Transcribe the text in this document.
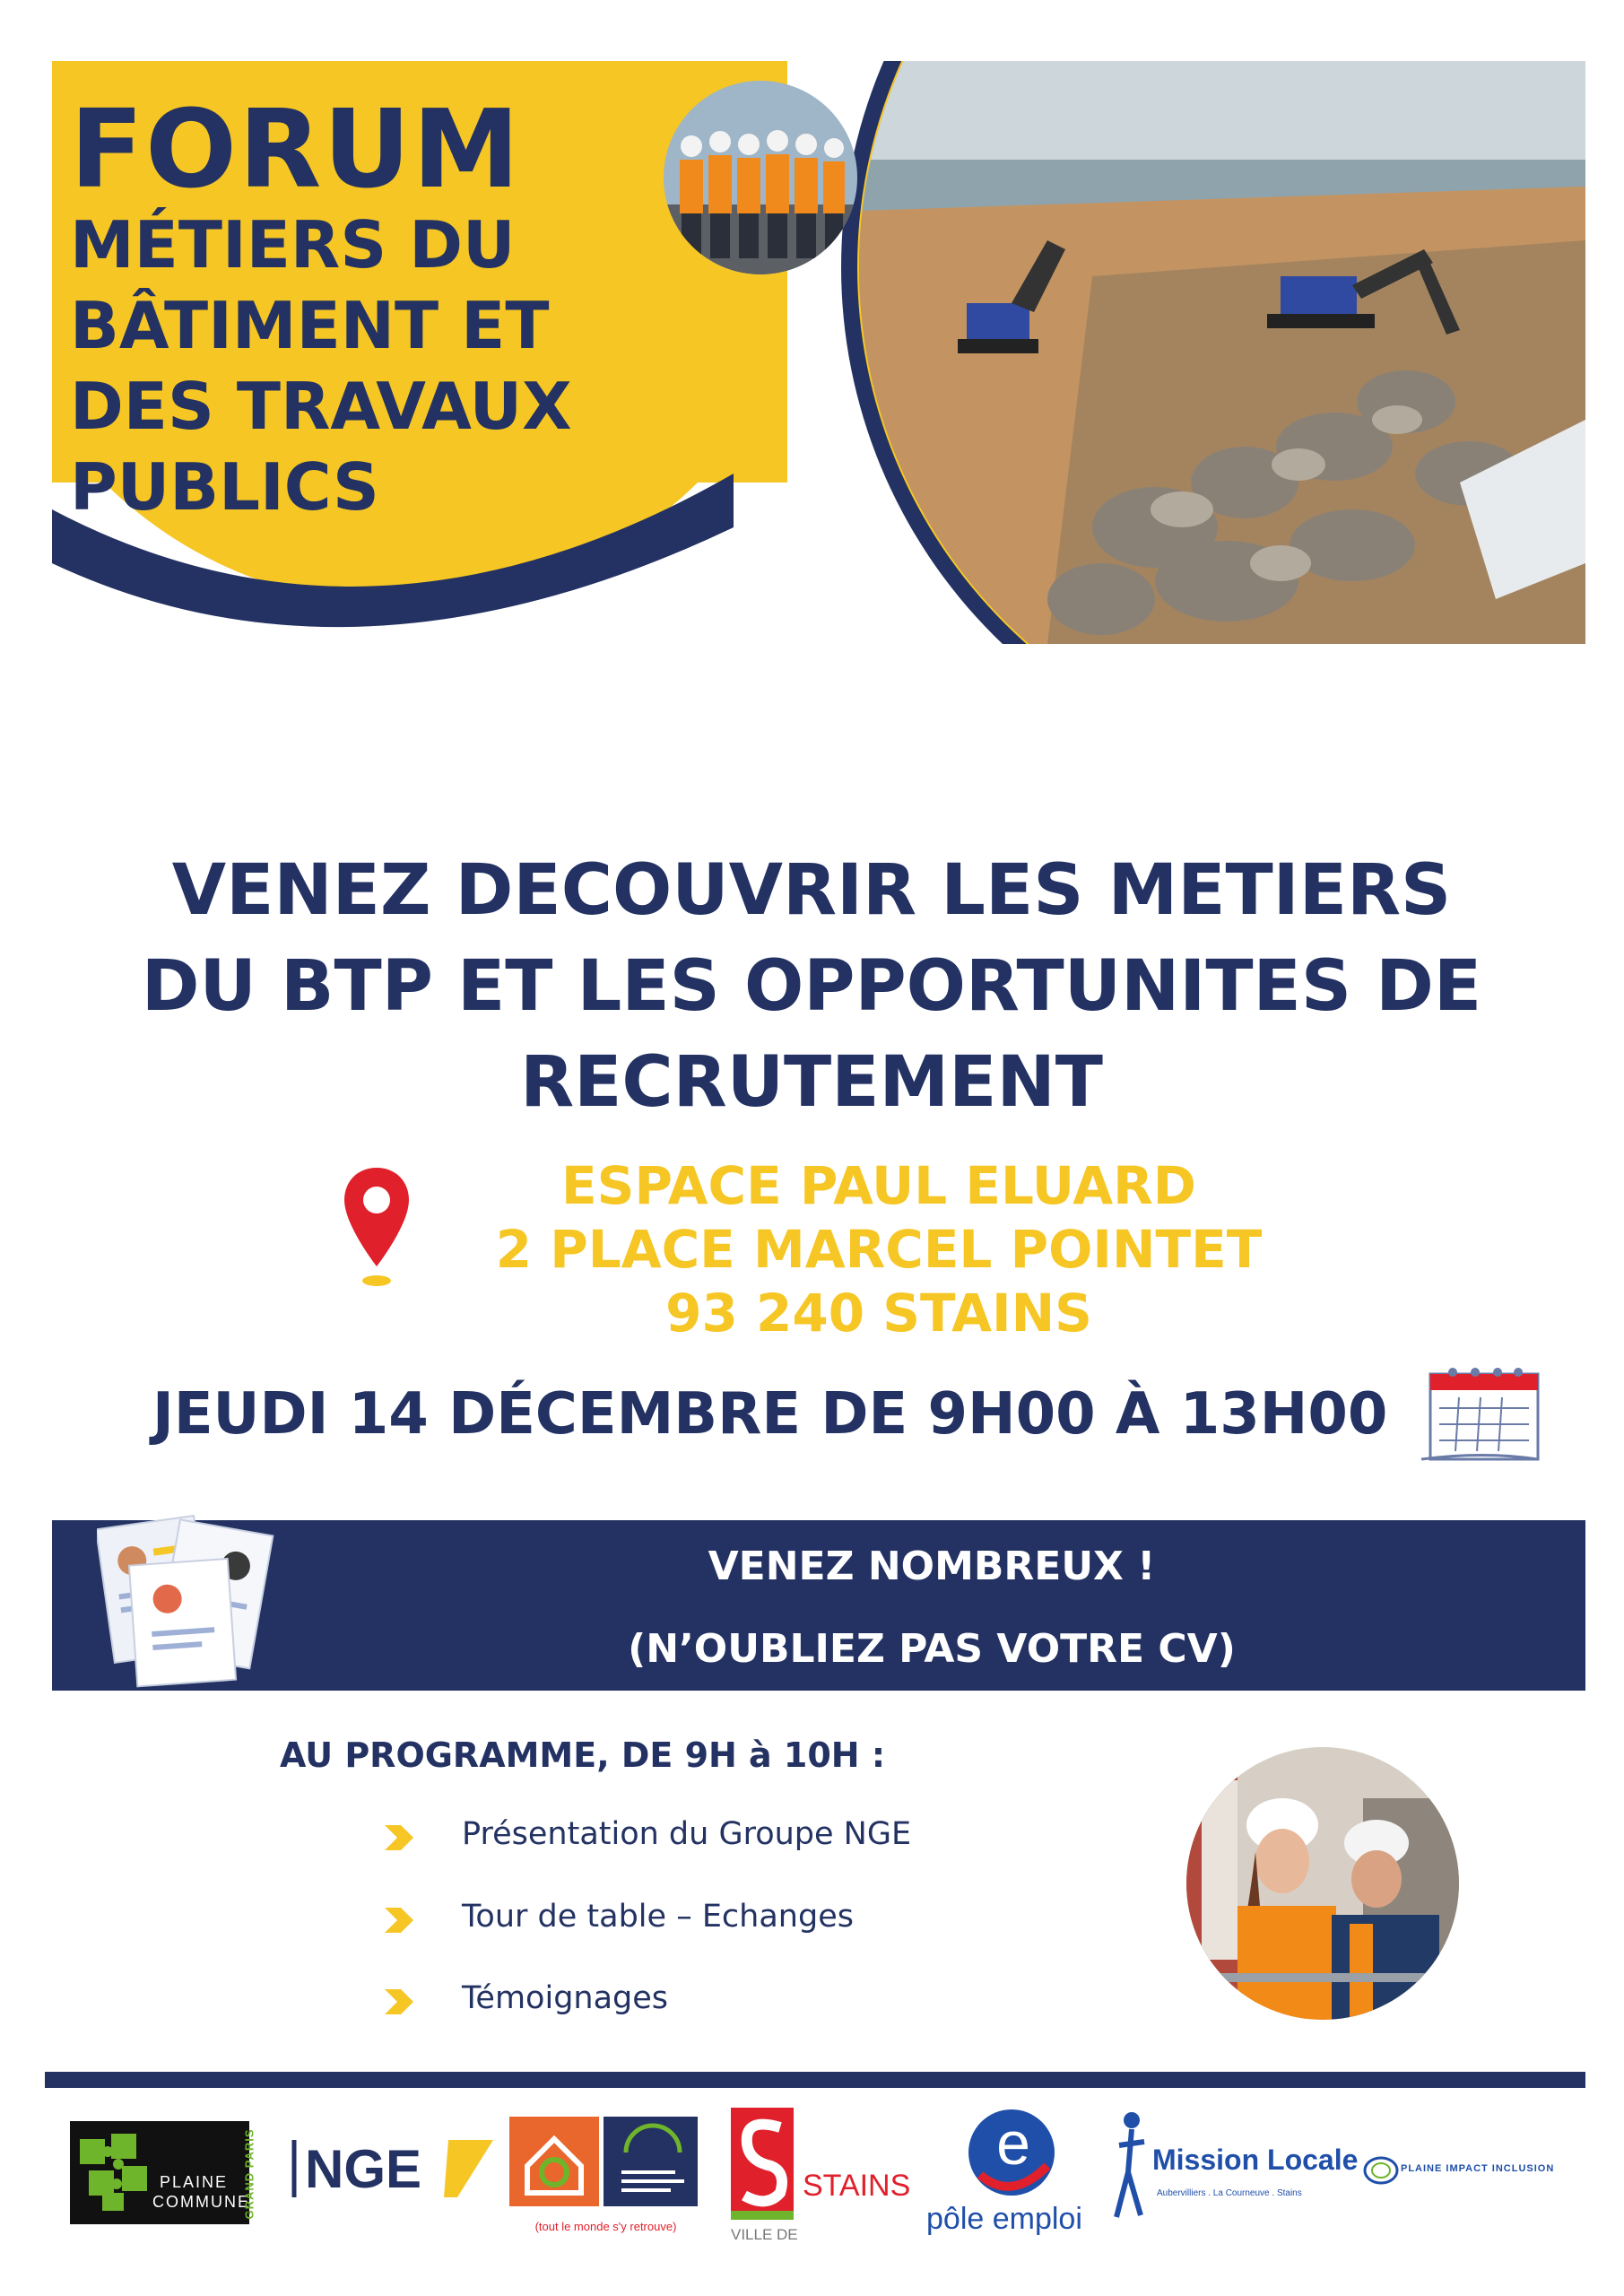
FORUM
MÉTIERS DU
BÂTIMENT ET
DES TRAVAUX
PUBLICS
VENEZ DECOUVRIR LES METIERS
DU BTP ET LES OPPORTUNITES DE
RECRUTEMENT
ESPACE PAUL ELUARD
2 PLACE MARCEL POINTET
93 240 STAINS
JEUDI 14 DÉCEMBRE DE 9H00 À 13H00
VENEZ NOMBREUX !
(N’OUBLIEZ PAS VOTRE CV)
AU PROGRAMME, DE 9H à 10H :
Présentation du Groupe NGE
Tour de table – Echanges
Témoignages
PLAINE
COMMUNE
GRAND PARIS NGE
(tout le monde s'y retrouve)
STAINS
VILLE DE
e
pôle emploi
Mission Locale
Aubervilliers . La Courneuve . Stains
PLAINE IMPACT INCLUSION
